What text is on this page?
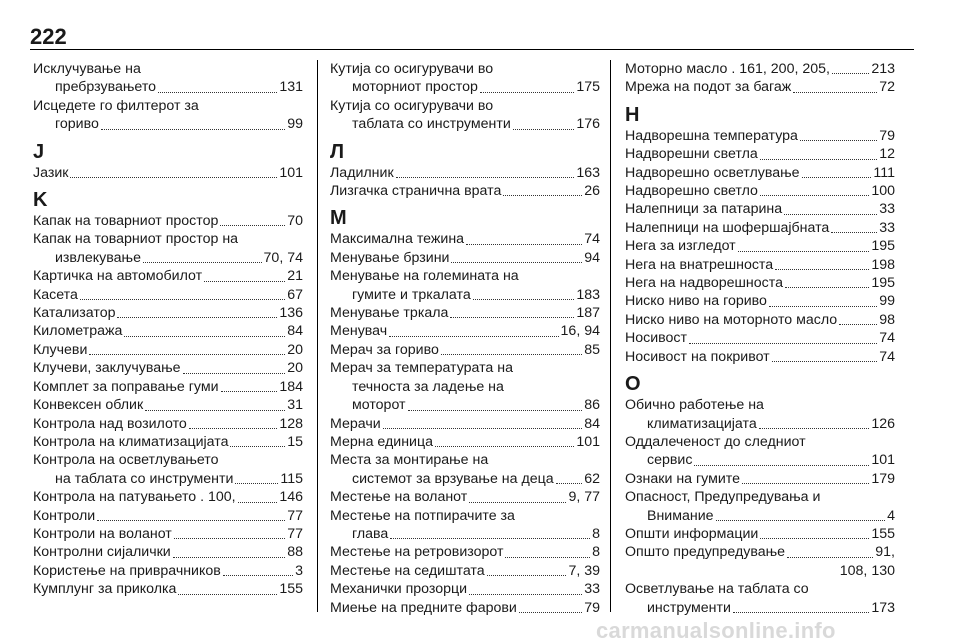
222
Исклучување на
пребрзувањето	131
Исцедете го филтерот за
гориво	99
J
Јазик	101
K
Капак на товарниот простор	70
Капак на товарниот простор на
извлекување	70, 74
Картичка на автомобилот	21
Касета	67
Катализатор	136
Километража	84
Клучеви	20
Клучеви, заклучување	20
Комплет за поправање гуми	184
Конвексен облик	31
Контрола над возилото	128
Контрола на климатизацијата	15
Контрола на осветлувањето
на таблата со инструменти	115
Контрола на патувањето . 100,	146
Контроли	77
Контроли на воланот	77
Контролни сијалички	88
Користење на приврачников	3
Кумплунг за приколка	155
Кутија со осигурувачи во
моторниот простор	175
Кутија со осигурувачи во
таблата со инструменти	176
Л
Ладилник	163
Лизгачка странична врата	26
М
Максимална тежина	74
Менување брзини	94
Менување на големината на
гумите и тркалата	183
Менување тркала	187
Менувач	16, 94
Мерач за гориво	85
Мерач за температурата на
течноста за ладење на
моторот	86
Мерачи	84
Мерна единица	101
Места за монтирање на
системот за врзување на деца 62
Местење на воланот	9, 77
Местење на потпирачите за
глава	8
Местење на ретровизорот	8
Местење на седиштата	7, 39
Механички прозорци	33
Миење на предните фарови	79
Моторно масло . 161, 200, 205,	213
Мрежа на подот за багаж	72
Н
Надворешна температура	79
Надворешни светла	12
Надворешно осветлување	111
Надворешно светло	100
Налепници за патарина	33
Налепници на шофершајбната	33
Нега за изгледот	195
Нега на внатрешноста	198
Нега на надворешноста	195
Ниско ниво на гориво	99
Ниско ниво на моторното масло	98
Носивост	74
Носивост на покривот	74
О
Обично работење на
климатизацијата	126
Оддалеченост до следниот
сервис	101
Ознаки на гумите	179
Опасност, Предупредувања и
Внимание	4
Општи информации	155
Општо предупредување	91,
108, 130
Осветлување на таблата со
инструменти	173
carmanualsonline.info
